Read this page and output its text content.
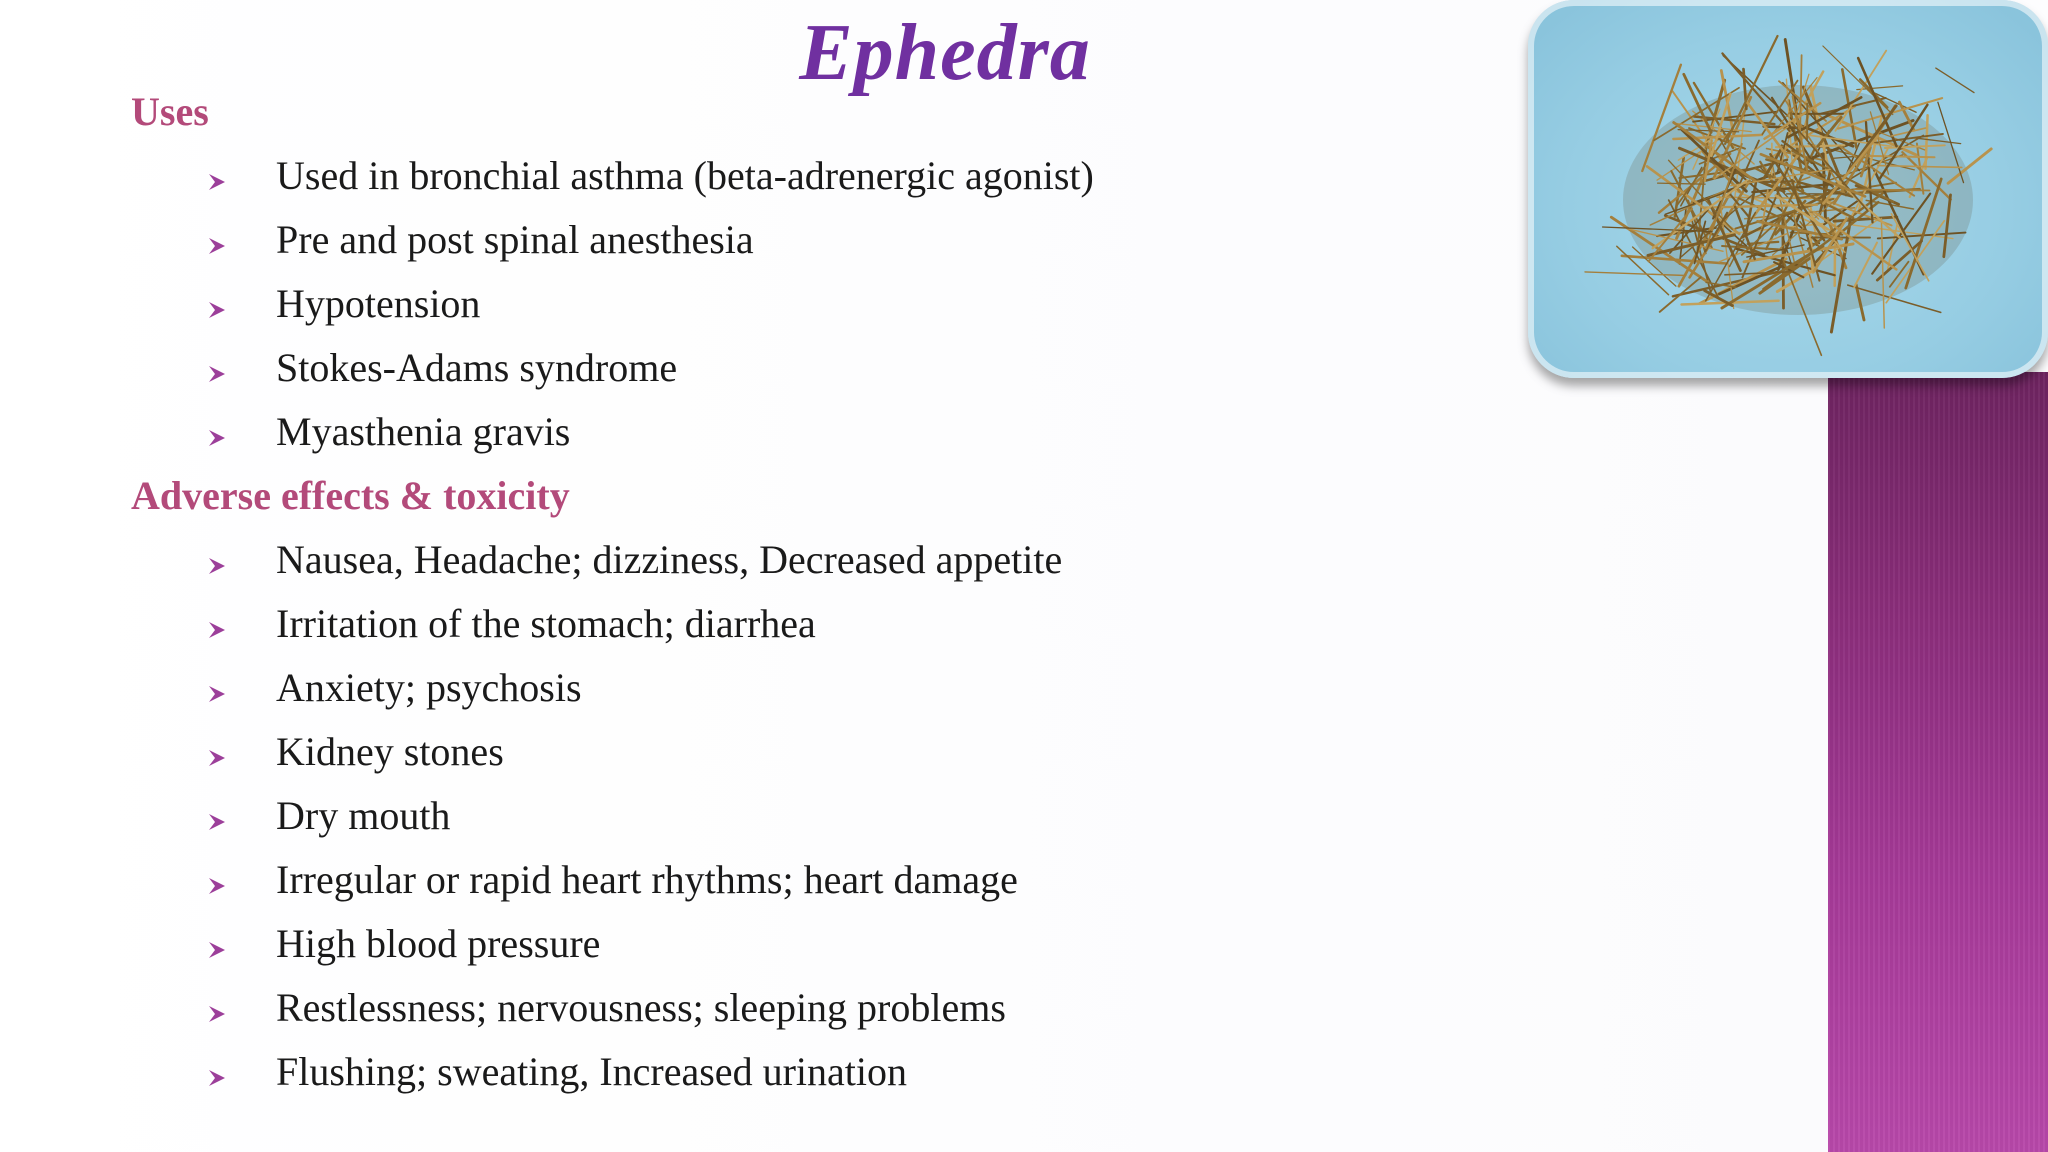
Ephedra
Uses
Used in bronchial asthma (beta-adrenergic agonist)
Pre and post spinal anesthesia
Hypotension
Stokes-Adams syndrome
Myasthenia gravis
Adverse effects & toxicity
Nausea, Headache; dizziness, Decreased appetite
Irritation of the stomach; diarrhea
Anxiety; psychosis
Kidney stones
Dry mouth
Irregular or rapid heart rhythms; heart damage
High blood pressure
Restlessness; nervousness; sleeping problems
Flushing; sweating, Increased urination
